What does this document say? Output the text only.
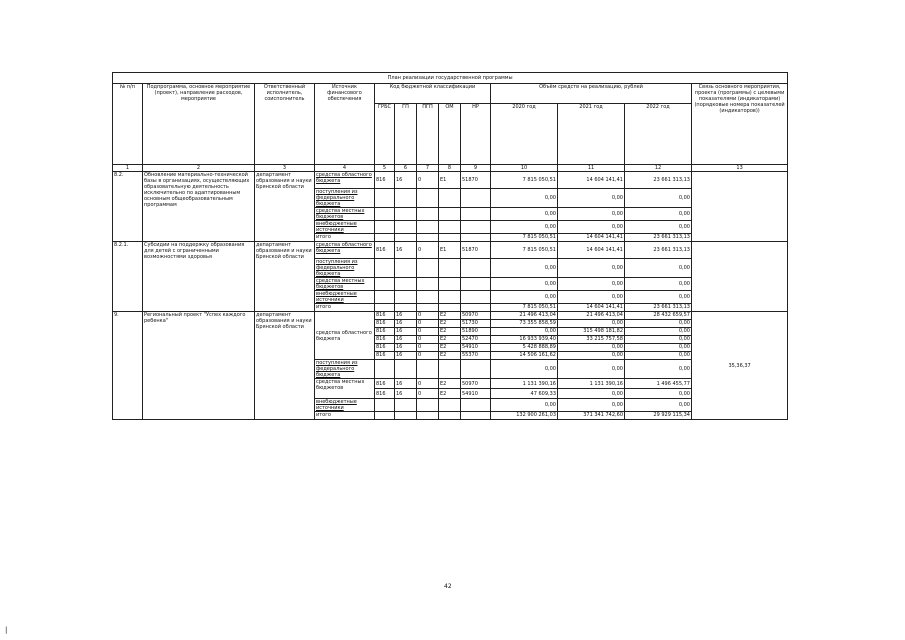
План реализации государственной программы												
№ п/п	Подпрограмма, основное мероприятие (проект), направление расходов, мероприятие	Ответственный исполнитель, соисполнитель	Источник финансового обеспечения	Код бюджетной классификации					Объём средств на реализацию, рублей			Связь основного мероприятия, проекта (программы) с целевыми показателями (индикаторами) (порядковые номера показателей (индикаторов))
				ГРБС	ГП	ПГП	ОМ	НР	2020 год	2021 год	2022 год	
1	2	3	4	5	6	7	8	9	10	11	12	13
8.2.	Обновление материально-технической базы в организациях, осуществляющих образовательную деятельность исключительно по адаптированным основным общеобразовательным программам	департамент образования и науки Брянской области	средства областного бюджета	816	16	0	Е1	51870	7 815 050,51	14 604 141,41	23 661 313,13	
			поступления из федерального бюджета						0,00	0,00	0,00	
			средства местных бюджетов						0,00	0,00	0,00	
			внебюджетные источники						0,00	0,00	0,00	
			итого						7 815 050,51	14 604 141,41	23 661 313,13	
8.2.1.	Субсидии на поддержку образования для детей с ограниченными возможностями здоровья	департамент образования и науки Брянской области	средства областного бюджета	816	16	0	Е1	51870	7 815 050,51	14 604 141,41	23 661 313,13	
			поступления из федерального бюджета						0,00	0,00	0,00	
			средства местных бюджетов						0,00	0,00	0,00	
			внебюджетные источники						0,00	0,00	0,00	
			итого						7 815 050,51	14 604 141,41	23 661 313,13	
9.	Региональный проект "Успех каждого ребенка"	департамент образования и науки Брянской области	средства областного бюджета	816	16	0	Е2	50970	21 496 413,04	21 496 413,04	28 432 659,57	35,36,37
				816	16	0	Е2	51730	73 355 858,59	0,00	0,00	
				816	16	0	Е2	51890	0,00	315 498 181,82	0,00	
				816	16	0	Е2	52470	16 933 939,40	33 215 757,58	0,00	
				816	16	0	Е2	54910	5 428 888,89	0,00	0,00	
				816	16	0	Е2	55370	14 506 161,62	0,00	0,00	
			поступления из федерального бюджета						0,00	0,00	0,00	
			средства местных бюджетов	816	16	0	Е2	50970	1 131 390,16	1 131 390,16	1 496 455,77	
				816	16	0	Е2	54910	47 609,33	0,00	0,00	
			внебюджетные источники						0,00	0,00	0,00	
			итого						132 900 261,03	371 341 742,60	29 929 115,34	
42
|
